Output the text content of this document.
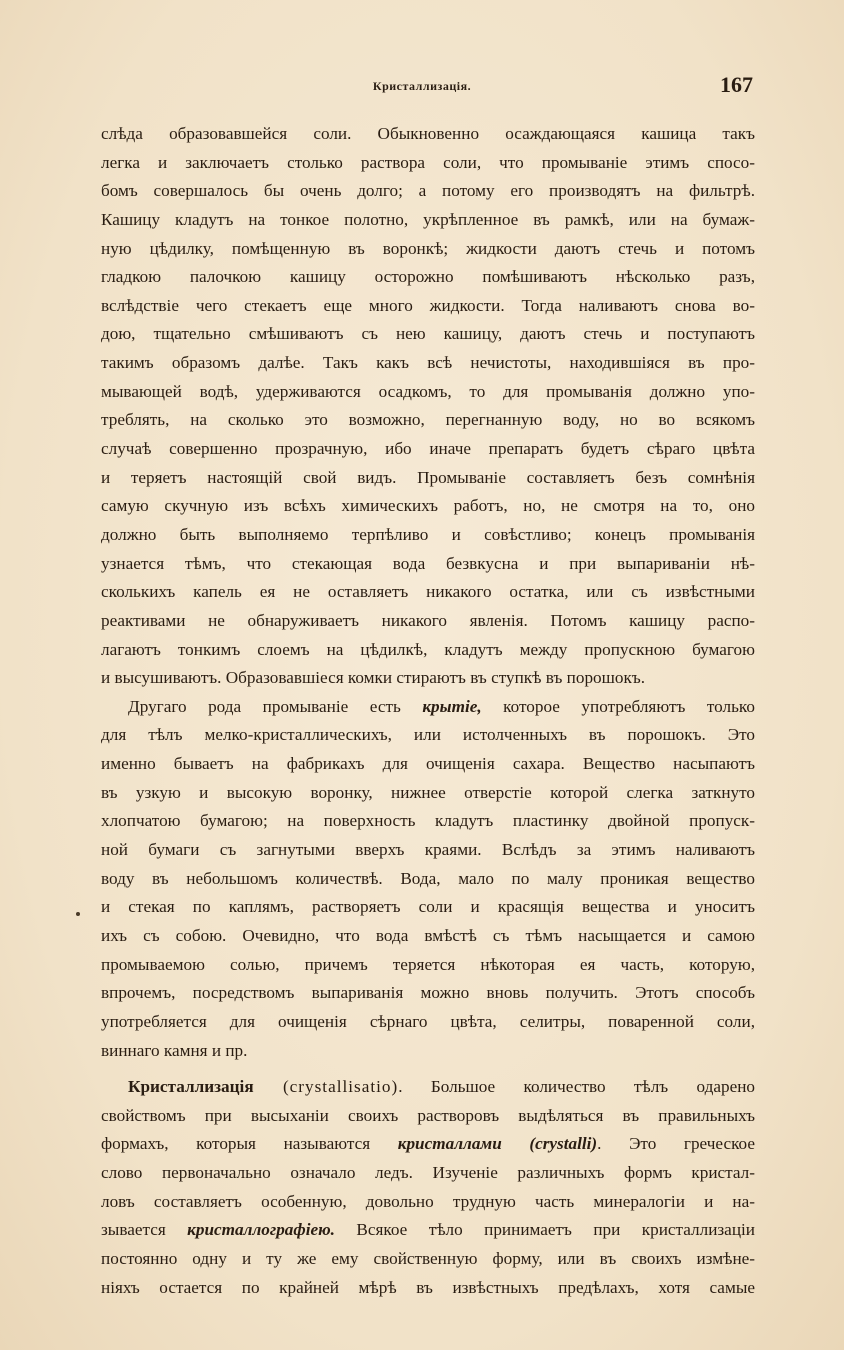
Кристаллизація.	167
слѣда образовавшейся соли. Обыкновенно осаждающаяся кашица такъ
легка и заключаетъ столько раствора соли, что промываніе этимъ спосо-
бомъ совершалось бы очень долго; а потому его производятъ на фильтрѣ.
Кашицу кладутъ на тонкое полотно, укрѣпленное въ рамкѣ, или на бумаж-
ную цѣдилку, помѣщенную въ воронкѣ; жидкости даютъ стечь и потомъ
гладкою палочкою кашицу осторожно помѣшиваютъ нѣсколько разъ,
вслѣдствіе чего стекаетъ еще много жидкости. Тогда наливаютъ снова во-
дою, тщательно смѣшиваютъ съ нею кашицу, даютъ стечь и поступаютъ
такимъ образомъ далѣе. Такъ какъ всѣ нечистоты, находившіяся въ про-
мывающей водѣ, удерживаются осадкомъ, то для промыванія должно упо-
треблять, на сколько это возможно, перегнанную воду, но во всякомъ
случаѣ совершенно прозрачную, ибо иначе препаратъ будетъ сѣраго цвѣта
и теряетъ настоящій свой видъ. Промываніе составляетъ безъ сомнѣнія
самую скучную изъ всѣхъ химическихъ работъ, но, не смотря на то, оно
должно быть выполняемо терпѣливо и совѣстливо; конецъ промыванія
узнается тѣмъ, что стекающая вода безвкусна и при выпариваніи нѣ-
сколькихъ капель ея не оставляетъ никакого остатка, или съ извѣстными
реактивами не обнаруживаетъ никакого явленія. Потомъ кашицу распо-
лагаютъ тонкимъ слоемъ на цѣдилкѣ, кладутъ между пропускною бумагою
и высушиваютъ. Образовавшіеся комки стираютъ въ ступкѣ въ порошокъ.
Другаго рода промываніе есть крытіе, которое употребляютъ только
для тѣлъ мелко-кристаллическихъ, или истолченныхъ въ порошокъ. Это
именно бываетъ на фабрикахъ для очищенія сахара. Вещество насыпаютъ
въ узкую и высокую воронку, нижнее отверстіе которой слегка заткнуто
хлопчатою бумагою; на поверхность кладутъ пластинку двойной пропуск-
ной бумаги съ загнутыми вверхъ краями. Вслѣдъ за этимъ наливаютъ
воду въ небольшомъ количествѣ. Вода, мало по малу проникая вещество
и стекая по каплямъ, растворяетъ соли и красящія вещества и уноситъ
ихъ съ собою. Очевидно, что вода вмѣстѣ съ тѣмъ насыщается и самою
промываемою солью, причемъ теряется нѣкоторая ея часть, которую,
впрочемъ, посредствомъ выпариванія можно вновь получить. Этотъ способъ
употребляется для очищенія сѣрнаго цвѣта, селитры, поваренной соли,
виннаго камня и пр.
Кристаллизація (crystallisatio). Большое количество тѣлъ одарено
свойствомъ при высыханіи своихъ растворовъ выдѣляться въ правильныхъ
формахъ, которыя называются кристаллами (crystalli). Это греческое
слово первоначально означало ледъ. Изученіе различныхъ формъ кристал-
ловъ составляетъ особенную, довольно трудную часть минералогіи и на-
зывается кристаллографіею. Всякое тѣло принимаетъ при кристаллизаціи
постоянно одну и ту же ему свойственную форму, или въ своихъ измѣне-
ніяхъ остается по крайней мѣрѣ въ извѣстныхъ предѣлахъ, хотя самые
